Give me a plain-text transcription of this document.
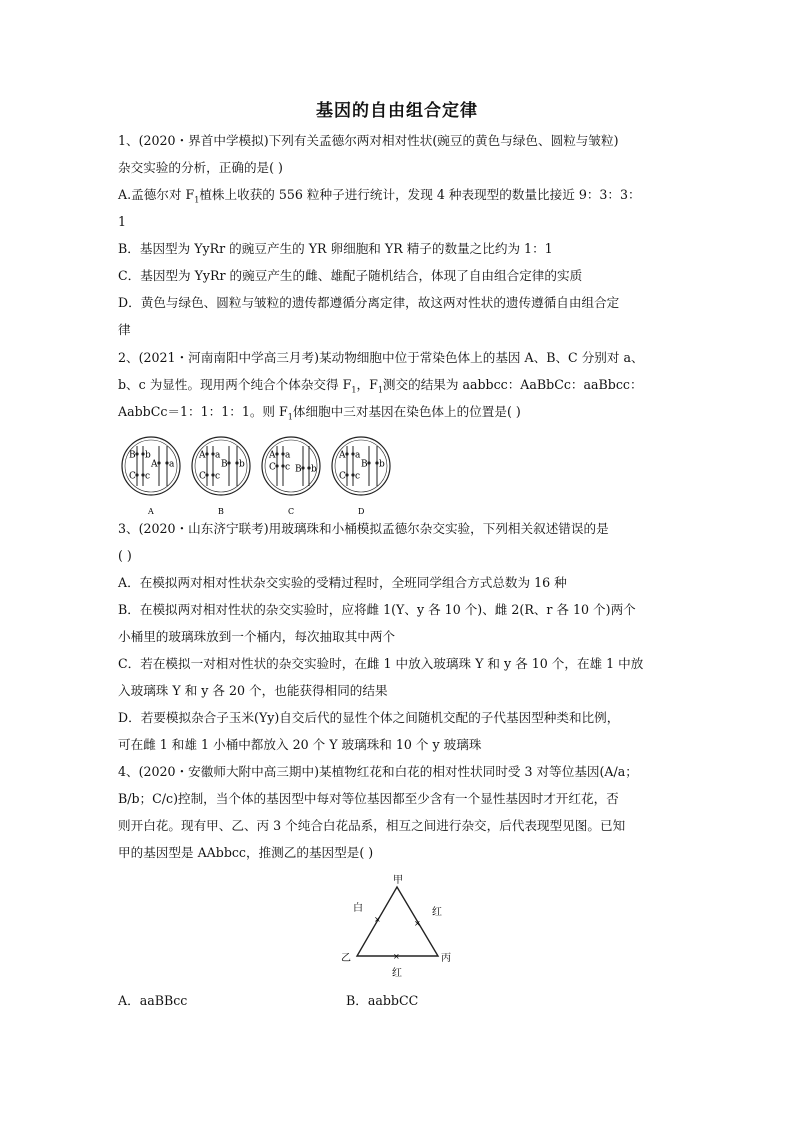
基因的自由组合定律
1、(2020・界首中学模拟)下列有关孟德尔两对相对性状(豌豆的黄色与绿色、圆粒与皱粒)
杂交实验的分析，正确的是( )
A.孟德尔对 $F_1$植株上收获的 556 粒种子进行统计，发现 4 种表现型的数量比接近 9：3：3：
1
B．基因型为 YyRr 的豌豆产生的 YR 卵细胞和 YR 精子的数量之比约为 1：1
C．基因型为 YyRr 的豌豆产生的雌、雄配子随机结合，体现了自由组合定律的实质
D．黄色与绿色、圆粒与皱粒的遗传都遵循分离定律，故这两对性状的遗传遵循自由组合定
律
2、(2021・河南南阳中学高三月考)某动物细胞中位于常染色体上的基因 A、B、C 分别对 a、
b、c 为显性。现用两个纯合个体杂交得 $F_1$，$F_1$测交的结果为 aabbcc：AaBbCc：aaBbcc：
AabbCc＝1：1：1：1。则 $F_1$体细胞中三对基因在染色体上的位置是( )
B b
A a
C c
A
A a
B b
C c
B
A a
C c B b
C
A a
B b
C c
D
3、(2020・山东济宁联考)用玻璃珠和小桶模拟孟德尔杂交实验，下列相关叙述错误的是
( )
A．在模拟两对相对性状杂交实验的受精过程时，全班同学组合方式总数为 16 种
B．在模拟两对相对性状的杂交实验时，应将雌 1(Y、y 各 10 个)、雌 2(R、r 各 10 个)两个
小桶里的玻璃珠放到一个桶内，每次抽取其中两个
C．若在模拟一对相对性状的杂交实验时，在雌 1 中放入玻璃珠 Y 和 y 各 10 个，在雄 1 中放
入玻璃珠 Y 和 y 各 20 个，也能获得相同的结果
D．若要模拟杂合子玉米(Yy)自交后代的显性个体之间随机交配的子代基因型种类和比例，
可在雌 1 和雄 1 小桶中都放入 20 个 Y 玻璃珠和 10 个 y 玻璃珠
4、(2020・安徽师大附中高三期中)某植物红花和白花的相对性状同时受 3 对等位基因(A/a；
B/b；C/c)控制，当个体的基因型中每对等位基因都至少含有一个显性基因时才开红花，否
则开白花。现有甲、乙、丙 3 个纯合白花品系，相互之间进行杂交，后代表现型见图。已知
甲的基因型是 AAbbcc，推测乙的基因型是( )
甲
乙	丙
白	红
红
×	×
×
A．aaBBcc	B．aabbCC
